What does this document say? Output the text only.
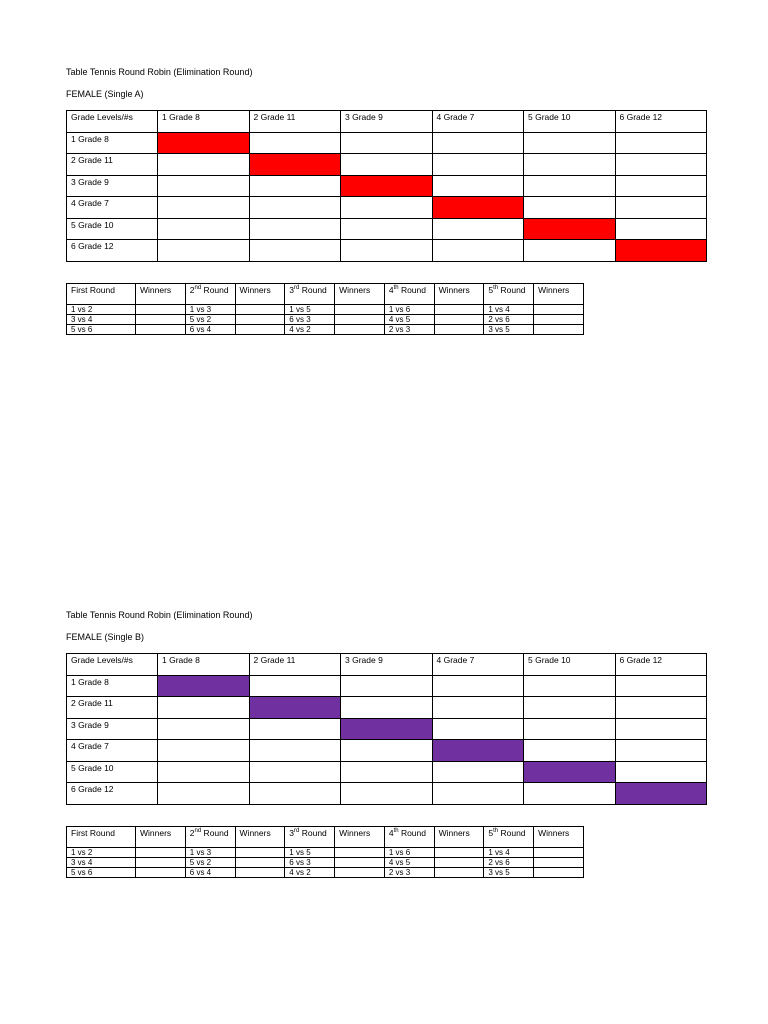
Table Tennis Round Robin (Elimination Round)
FEMALE (Single A)
Grade Levels/#s	1 Grade 8	2 Grade 11	3 Grade 9	4 Grade 7	5 Grade 10	6 Grade 12
1 Grade 8						
2 Grade 11						
3 Grade 9						
4 Grade 7						
5 Grade 10						
6 Grade 12						
First Round	Winners	2nd Round	Winners	3rd Round	Winners	4th Round	Winners	5th Round	Winners
1 vs 2		1 vs 3		1 vs 5		1 vs 6		1 vs 4	
3 vs 4		5 vs 2		6 vs 3		4 vs 5		2 vs 6	
5 vs 6		6 vs 4		4 vs 2		2 vs 3		3 vs 5	
Table Tennis Round Robin (Elimination Round)
FEMALE (Single B)
Grade Levels/#s	1 Grade 8	2 Grade 11	3 Grade 9	4 Grade 7	5 Grade 10	6 Grade 12
1 Grade 8						
2 Grade 11						
3 Grade 9						
4 Grade 7						
5 Grade 10						
6 Grade 12						
First Round	Winners	2nd Round	Winners	3rd Round	Winners	4th Round	Winners	5th Round	Winners
1 vs 2		1 vs 3		1 vs 5		1 vs 6		1 vs 4	
3 vs 4		5 vs 2		6 vs 3		4 vs 5		2 vs 6	
5 vs 6		6 vs 4		4 vs 2		2 vs 3		3 vs 5	
